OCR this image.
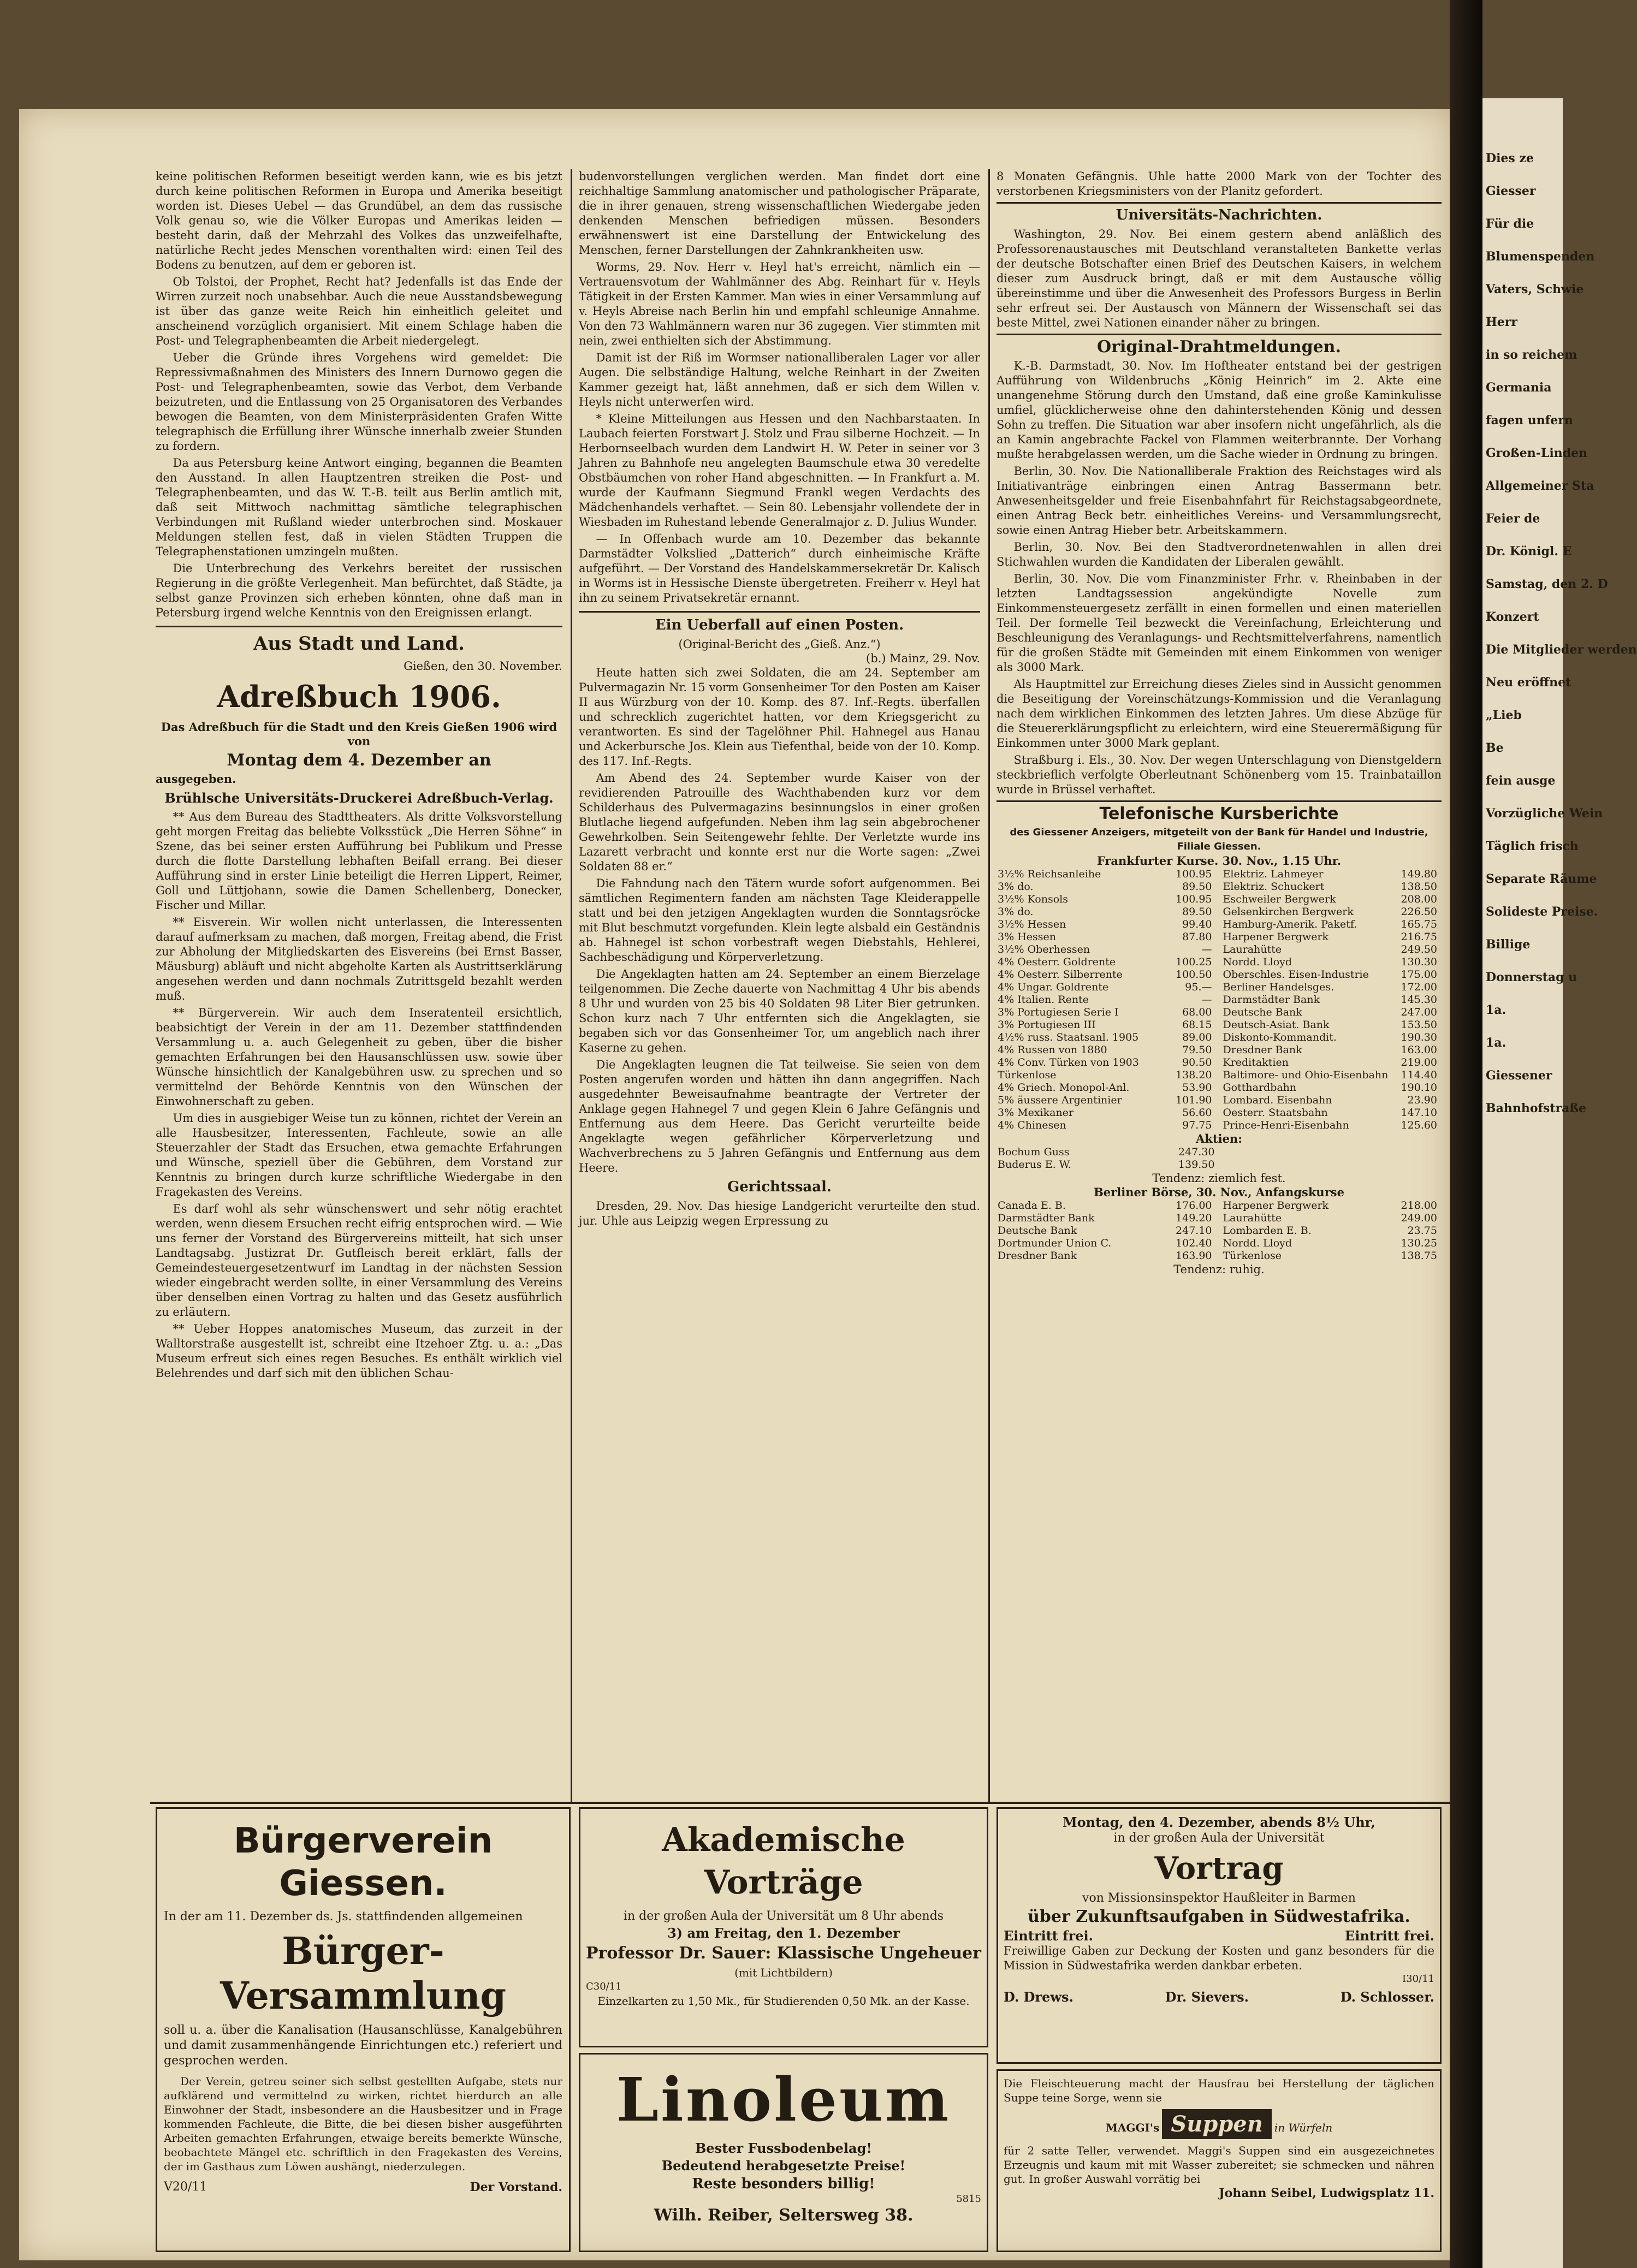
keine politischen Reformen beseitigt werden kann, wie es bis jetzt durch keine politischen Reformen in Europa und Amerika beseitigt worden ist. Dieses Uebel — das Grundübel, an dem das russische Volk genau so, wie die Völker Europas und Amerikas leiden — besteht darin, daß der Mehrzahl des Volkes das unzweifelhafte, natürliche Recht jedes Menschen vorenthalten wird: einen Teil des Bodens zu benutzen, auf dem er geboren ist.

Ob Tolstoi, der Prophet, Recht hat? Jedenfalls ist das Ende der Wirren zurzeit noch unabsehbar. Auch die neue Ausstandsbewegung ist über das ganze weite Reich hin einheitlich geleitet und anscheinend vorzüglich organisiert. Mit einem Schlage haben die Post- und Telegraphenbeamten die Arbeit niedergelegt.

Ueber die Gründe ihres Vorgehens wird gemeldet: Die Repressivmaßnahmen des Ministers des Innern Durnowo gegen die Post- und Telegraphenbeamten, sowie das Verbot, dem Verbande beizutreten, und die Entlassung von 25 Organisatoren des Verbandes bewogen die Beamten, von dem Ministerpräsidenten Grafen Witte telegraphisch die Erfüllung ihrer Wünsche innerhalb zweier Stunden zu fordern.

Da aus Petersburg keine Antwort einging, begannen die Beamten den Ausstand. In allen Hauptzentren streiken die Post- und Telegraphenbeamten, und das W. T.-B. teilt aus Berlin amtlich mit, daß seit Mittwoch nachmittag sämtliche telegraphischen Verbindungen mit Rußland wieder unterbrochen sind. Moskauer Meldungen stellen fest, daß in vielen Städten Truppen die Telegraphenstationen umzingeln mußten.

Die Unterbrechung des Verkehrs bereitet der russischen Regierung in die größte Verlegenheit. Man befürchtet, daß Städte, ja selbst ganze Provinzen sich erheben könnten, ohne daß man in Petersburg irgend welche Kenntnis von den Ereignissen erlangt.

Aus Stadt und Land.
Gießen, den 30. November.
Adreßbuch 1906.
Das Adreßbuch für die Stadt und den Kreis Gießen 1906 wird von
Montag dem 4. Dezember an
ausgegeben.
Brühlsche Universitäts-Druckerei Adreßbuch-Verlag.

** Aus dem Bureau des Stadttheaters. Als dritte Volksvorstellung geht morgen Freitag das beliebte Volksstück „Die Herren Söhne“ in Szene, das bei seiner ersten Aufführung bei Publikum und Presse durch die flotte Darstellung lebhaften Beifall errang. Bei dieser Aufführung sind in erster Linie beteiligt die Herren Lippert, Reimer, Goll und Lüttjohann, sowie die Damen Schellenberg, Donecker, Fischer und Millar.

** Eisverein. Wir wollen nicht unterlassen, die Interessenten darauf aufmerksam zu machen, daß morgen, Freitag abend, die Frist zur Abholung der Mitgliedskarten des Eisvereins (bei Ernst Basser, Mäusburg) abläuft und nicht abgeholte Karten als Austrittserklärung angesehen werden und dann nochmals Zutrittsgeld bezahlt werden muß.

** Bürgerverein. Wir auch dem Inseratenteil ersichtlich, beabsichtigt der Verein in der am 11. Dezember stattfindenden Versammlung u. a. auch Gelegenheit zu geben, über die bisher gemachten Erfahrungen bei den Hausanschlüssen usw. sowie über Wünsche hinsichtlich der Kanalgebühren usw. zu sprechen und so vermittelnd der Behörde Kenntnis von den Wünschen der Einwohnerschaft zu geben.

Um dies in ausgiebiger Weise tun zu können, richtet der Verein an alle Hausbesitzer, Interessenten, Fachleute, sowie an alle Steuerzahler der Stadt das Ersuchen, etwa gemachte Erfahrungen und Wünsche, speziell über die Gebühren, dem Vorstand zur Kenntnis zu bringen durch kurze schriftliche Wiedergabe in den Fragekasten des Vereins.

Es darf wohl als sehr wünschenswert und sehr nötig erachtet werden, wenn diesem Ersuchen recht eifrig entsprochen wird. — Wie uns ferner der Vorstand des Bürgervereins mitteilt, hat sich unser Landtagsabg. Justizrat Dr. Gutfleisch bereit erklärt, falls der Gemeindesteuergesetzentwurf im Landtag in der nächsten Session wieder eingebracht werden sollte, in einer Versammlung des Vereins über denselben einen Vortrag zu halten und das Gesetz ausführlich zu erläutern.

** Ueber Hoppes anatomisches Museum, das zurzeit in der Walltorstraße ausgestellt ist, schreibt eine Itzehoer Ztg. u. a.: „Das Museum erfreut sich eines regen Besuches. Es enthält wirklich viel Belehrendes und darf sich mit den üblichen Schau-

budenvorstellungen verglichen werden. Man findet dort eine reichhaltige Sammlung anatomischer und pathologischer Präparate, die in ihrer genauen, streng wissenschaftlichen Wiedergabe jeden denkenden Menschen befriedigen müssen. Besonders erwähnenswert ist eine Darstellung der Entwickelung des Menschen, ferner Darstellungen der Zahnkrankheiten usw.

Worms, 29. Nov. Herr v. Heyl hat's erreicht, nämlich ein — Vertrauensvotum der Wahlmänner des Abg. Reinhart für v. Heyls Tätigkeit in der Ersten Kammer. Man wies in einer Versammlung auf v. Heyls Abreise nach Berlin hin und empfahl schleunige Annahme. Von den 73 Wahlmännern waren nur 36 zugegen. Vier stimmten mit nein, zwei enthielten sich der Abstimmung.

Damit ist der Riß im Wormser nationalliberalen Lager vor aller Augen. Die selbständige Haltung, welche Reinhart in der Zweiten Kammer gezeigt hat, läßt annehmen, daß er sich dem Willen v. Heyls nicht unterwerfen wird.

* Kleine Mitteilungen aus Hessen und den Nachbarstaaten. In Laubach feierten Forstwart J. Stolz und Frau silberne Hochzeit. — In Herbornseelbach wurden dem Landwirt H. W. Peter in seiner vor 3 Jahren zu Bahnhofe neu angelegten Baumschule etwa 30 veredelte Obstbäumchen von roher Hand abgeschnitten. — In Frankfurt a. M. wurde der Kaufmann Siegmund Frankl wegen Verdachts des Mädchenhandels verhaftet. — Sein 80. Lebensjahr vollendete der in Wiesbaden im Ruhestand lebende Generalmajor z. D. Julius Wunder.

— In Offenbach wurde am 10. Dezember das bekannte Darmstädter Volkslied „Datterich“ durch einheimische Kräfte aufgeführt. — Der Vorstand des Handelskammersekretär Dr. Kalisch in Worms ist in Hessische Dienste übergetreten. Freiherr v. Heyl hat ihn zu seinem Privatsekretär ernannt.

Ein Ueberfall auf einen Posten.
(Original-Bericht des „Gieß. Anz.“)
(b.) Mainz, 29. Nov.

Heute hatten sich zwei Soldaten, die am 24. September am Pulvermagazin Nr. 15 vorm Gonsenheimer Tor den Posten am Kaiser II aus Würzburg von der 10. Komp. des 87. Inf.-Regts. überfallen und schrecklich zugerichtet hatten, vor dem Kriegsgericht zu verantworten. Es sind der Tagelöhner Phil. Hahnegel aus Hanau und Ackerbursche Jos. Klein aus Tiefenthal, beide von der 10. Komp. des 117. Inf.-Regts.

Am Abend des 24. September wurde Kaiser von der revidierenden Patrouille des Wachthabenden kurz vor dem Schilderhaus des Pulvermagazins besinnungslos in einer großen Blutlache liegend aufgefunden. Neben ihm lag sein abgebrochener Gewehrkolben. Sein Seitengewehr fehlte. Der Verletzte wurde ins Lazarett verbracht und konnte erst nur die Worte sagen: „Zwei Soldaten 88 er.“

Die Fahndung nach den Tätern wurde sofort aufgenommen. Bei sämtlichen Regimentern fanden am nächsten Tage Kleiderappelle statt und bei den jetzigen Angeklagten wurden die Sonntagsröcke mit Blut beschmutzt vorgefunden. Klein legte alsbald ein Geständnis ab. Hahnegel ist schon vorbestraft wegen Diebstahls, Hehlerei, Sachbeschädigung und Körperverletzung.

Die Angeklagten hatten am 24. September an einem Bierzelage teilgenommen. Die Zeche dauerte von Nachmittag 4 Uhr bis abends 8 Uhr und wurden von 25 bis 40 Soldaten 98 Liter Bier getrunken. Schon kurz nach 7 Uhr entfernten sich die Angeklagten, sie begaben sich vor das Gonsenheimer Tor, um angeblich nach ihrer Kaserne zu gehen.

Die Angeklagten leugnen die Tat teilweise. Sie seien von dem Posten angerufen worden und hätten ihn dann angegriffen. Nach ausgedehnter Beweisaufnahme beantragte der Vertreter der Anklage gegen Hahnegel 7 und gegen Klein 6 Jahre Gefängnis und Entfernung aus dem Heere. Das Gericht verurteilte beide Angeklagte wegen gefährlicher Körperverletzung und Wachverbrechens zu 5 Jahren Gefängnis und Entfernung aus dem Heere.

Gerichtssaal.

Dresden, 29. Nov. Das hiesige Landgericht verurteilte den stud. jur. Uhle aus Leipzig wegen Erpressung zu

8 Monaten Gefängnis. Uhle hatte 2000 Mark von der Tochter des verstorbenen Kriegsministers von der Planitz gefordert.

Universitäts-Nachrichten.

Washington, 29. Nov. Bei einem gestern abend anläßlich des Professorenaustausches mit Deutschland veranstalteten Bankette verlas der deutsche Botschafter einen Brief des Deutschen Kaisers, in welchem dieser zum Ausdruck bringt, daß er mit dem Austausche völlig übereinstimme und über die Anwesenheit des Professors Burgess in Berlin sehr erfreut sei. Der Austausch von Männern der Wissenschaft sei das beste Mittel, zwei Nationen einander näher zu bringen.

Original-Drahtmeldungen.

K.-B. Darmstadt, 30. Nov. Im Hoftheater entstand bei der gestrigen Aufführung von Wildenbruchs „König Heinrich“ im 2. Akte eine unangenehme Störung durch den Umstand, daß eine große Kaminkulisse umfiel, glücklicherweise ohne den dahinterstehenden König und dessen Sohn zu treffen. Die Situation war aber insofern nicht ungefährlich, als die an Kamin angebrachte Fackel von Flammen weiterbrannte. Der Vorhang mußte herabgelassen werden, um die Sache wieder in Ordnung zu bringen.

Berlin, 30. Nov. Die Nationalliberale Fraktion des Reichstages wird als Initiativanträge einbringen einen Antrag Bassermann betr. Anwesenheitsgelder und freie Eisenbahnfahrt für Reichstagsabgeordnete, einen Antrag Beck betr. einheitliches Vereins- und Versammlungsrecht, sowie einen Antrag Hieber betr. Arbeitskammern.

Berlin, 30. Nov. Bei den Stadtverordnetenwahlen in allen drei Stichwahlen wurden die Kandidaten der Liberalen gewählt.

Berlin, 30. Nov. Die vom Finanzminister Frhr. v. Rheinbaben in der letzten Landtagssession angekündigte Novelle zum Einkommensteuergesetz zerfällt in einen formellen und einen materiellen Teil. Der formelle Teil bezweckt die Vereinfachung, Erleichterung und Beschleunigung des Veranlagungs- und Rechtsmittelverfahrens, namentlich für die großen Städte mit Gemeinden mit einem Einkommen von weniger als 3000 Mark.

Als Hauptmittel zur Erreichung dieses Zieles sind in Aussicht genommen die Beseitigung der Voreinschätzungs-Kommission und die Veranlagung nach dem wirklichen Einkommen des letzten Jahres. Um diese Abzüge für die Steuererklärungspflicht zu erleichtern, wird eine Steuerermäßigung für Einkommen unter 3000 Mark geplant.

Straßburg i. Els., 30. Nov. Der wegen Unterschlagung von Dienstgeldern steckbrieflich verfolgte Oberleutnant Schönenberg vom 15. Trainbataillon wurde in Brüssel verhaftet.

Telefonische Kursberichte
des Giessener Anzeigers, mitgeteilt von der Bank für Handel und Industrie, Filiale Giessen.
Frankfurter Kurse. 30. Nov., 1.15 Uhr.
3½% Reichsanleihe	100.95
3% do.	89.50
3½% Konsols	100.95
3% do.	89.50
3½% Hessen	99.40
3% Hessen	87.80
3½% Oberhessen	—
4% Oesterr. Goldrente	100.25
4% Oesterr. Silberrente	100.50
4% Ungar. Goldrente	95.—
4% Italien. Rente	—
3% Portugiesen Serie I	68.00
3% Portugiesen III	68.15
4½% russ. Staatsanl. 1905	89.00
4% Russen von 1880	79.50
4% Conv. Türken von 1903	90.50
Türkenlose	138.20
4% Griech. Monopol-Anl.	53.90
5% äussere Argentinier	101.90
3% Mexikaner	56.60
4% Chinesen	97.75
Elektriz. Lahmeyer	149.80
Elektriz. Schuckert	138.50
Eschweiler Bergwerk	208.00
Gelsenkirchen Bergwerk	226.50
Hamburg-Amerik. Paketf.	165.75
Harpener Bergwerk	216.75
Laurahütte	249.50
Nordd. Lloyd	130.30
Oberschles. Eisen-Industrie	175.00
Berliner Handelsges.	172.00
Darmstädter Bank	145.30
Deutsche Bank	247.00
Deutsch-Asiat. Bank	153.50
Diskonto-Kommandit.	190.30
Dresdner Bank	163.00
Kreditaktien	219.00
Baltimore- und Ohio-Eisenbahn	114.40
Gotthardbahn	190.10
Lombard. Eisenbahn	23.90
Oesterr. Staatsbahn	147.10
Prince-Henri-Eisenbahn	125.60
Aktien:
Bochum Guss	247.30
Buderus E. W.	139.50
Tendenz: ziemlich fest.
Berliner Börse, 30. Nov., Anfangskurse
Canada E. B.	176.00
Darmstädter Bank	149.20
Deutsche Bank	247.10
Dortmunder Union C.	102.40
Dresdner Bank	163.90
Harpener Bergwerk	218.00
Laurahütte	249.00
Lombarden E. B.	23.75
Nordd. Lloyd	130.25
Türkenlose	138.75
Tendenz: ruhig.
Bürgerverein Giessen.
In der am 11. Dezember ds. Js. stattfindenden allgemeinen
Bürger-Versammlung
soll u. a. über die Kanalisation (Hausanschlüsse, Kanalgebühren und damit zusammenhängende Einrichtungen etc.) referiert und gesprochen werden.
Der Verein, getreu seiner sich selbst gestellten Aufgabe, stets nur aufklärend und vermittelnd zu wirken, richtet hierdurch an alle Einwohner der Stadt, insbesondere an die Hausbesitzer und in Frage kommenden Fachleute, die Bitte, die bei diesen bisher ausgeführten Arbeiten gemachten Erfahrungen, etwaige bereits bemerkte Wünsche, beobachtete Mängel etc. schriftlich in den Fragekasten des Vereins, der im Gasthaus zum Löwen aushängt, niederzulegen.
V20/11	Der Vorstand.
Akademische Vorträge
in der großen Aula der Universität um 8 Uhr abends
3) am Freitag, den 1. Dezember
Professor Dr. Sauer: Klassische Ungeheuer
(mit Lichtbildern)
C30/11
Einzelkarten zu 1,50 Mk., für Studierenden 0,50 Mk. an der Kasse.
Linoleum
Bester Fussbodenbelag!
Bedeutend herabgesetzte Preise!
Reste besonders billig!
5815
Wilh. Reiber, Seltersweg 38.
Montag, den 4. Dezember, abends 8½ Uhr,
in der großen Aula der Universität
Vortrag
von Missionsinspektor Haußleiter in Barmen
über Zukunftsaufgaben in Südwestafrika.
Eintritt frei.	Eintritt frei.
Freiwillige Gaben zur Deckung der Kosten und ganz besonders für die Mission in Südwestafrika werden dankbar erbeten.
I30/11
D. Drews.	Dr. Sievers.	D. Schlosser.
Die Fleischteuerung macht der Hausfrau bei Herstellung der täglichen Suppe teine Sorge, wenn sie
MAGGI's Suppen in Würfeln
für 2 satte Teller, verwendet. Maggi's Suppen sind ein ausgezeichnetes Erzeugnis und kaum mit mit Wasser zubereitet; sie schmecken und nähren gut. In großer Auswahl vorrätig bei
Johann Seibel, Ludwigsplatz 11.
Dies ze
Giesser
Für die
Blumenspenden
Vaters, Schwie
Herr
in so reichem
Germania
fagen unfern
Großen-Linden
Allgemeiner Sta
Feier de
Dr. Königl. E
Samstag, den 2. D
Konzert
Die Mitglieder werden
Neu eröffnet
„Lieb
Be
fein ausge
Vorzügliche Wein
Täglich frisch
Separate Räume
Solideste Preise.
Billige
Donnerstag u
1a.
1a.
Giessener
Bahnhofstraße
